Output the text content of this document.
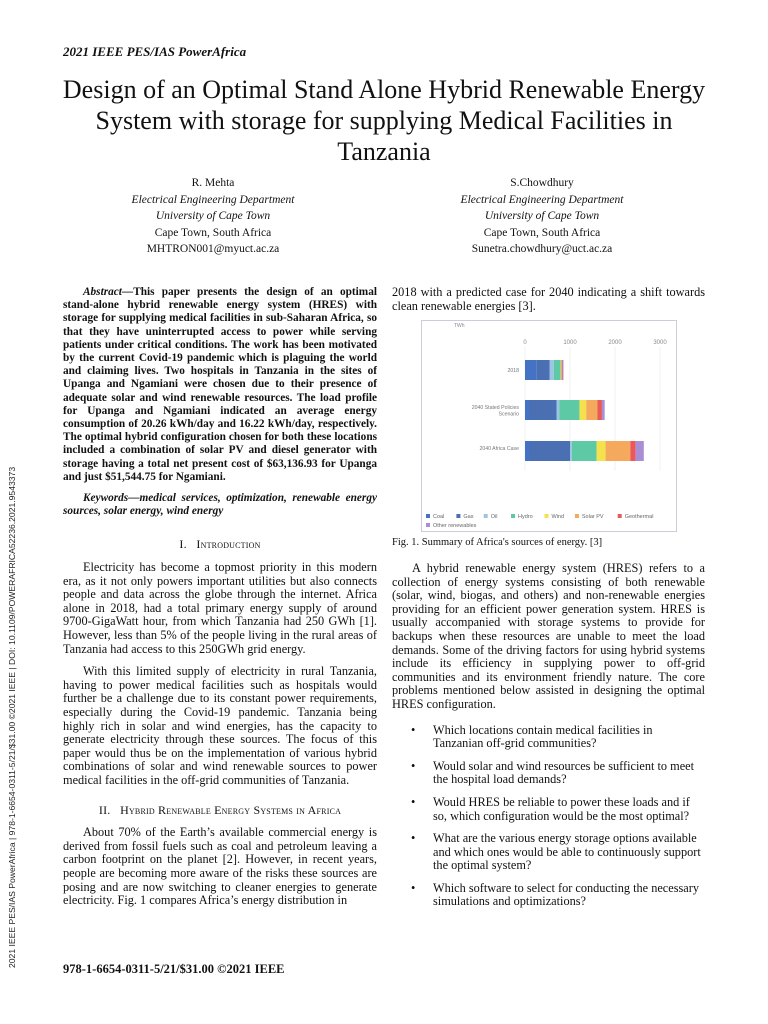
2021 IEEE PES/IAS PowerAfrica | 978-1-6654-0311-5/21/$31.00 ©2021 IEEE | DOI: 10.1109/POWERAFRICA52236.2021.9543373
2021 IEEE PES/IAS PowerAfrica
Design of an Optimal Stand Alone Hybrid Renewable Energy System with storage for supplying Medical Facilities in Tanzania
R. Mehta
Electrical Engineering Department
University of Cape Town
Cape Town, South Africa
MHTRON001@myuct.ac.za
S.Chowdhury
Electrical Engineering Department
University of Cape Town
Cape Town, South Africa
Sunetra.chowdhury@uct.ac.za

Abstract—This paper presents the design of an optimal stand-alone hybrid renewable energy system (HRES) with storage for supplying medical facilities in sub-Saharan Africa, so that they have uninterrupted access to power while serving patients under critical conditions. The work has been motivated by the current Covid-19 pandemic which is plaguing the world and claiming lives. Two hospitals in Tanzania in the sites of Upanga and Ngamiani were chosen due to their presence of adequate solar and wind renewable resources. The load profile for Upanga and Ngamiani indicated an average energy consumption of 20.26 kWh/day and 16.22 kWh/day, respectively. The optimal hybrid configuration chosen for both these locations included a combination of solar PV and diesel generator with storage having a total net present cost of $63,136.93 for Upanga and just $51,544.75 for Ngamiani.

Keywords—medical services, optimization, renewable energy sources, solar energy, wind energy

I. Introduction

Electricity has become a topmost priority in this modern era, as it not only powers important utilities but also connects people and data across the globe through the internet. Africa alone in 2018, had a total primary energy supply of around 9700-GigaWatt hour, from which Tanzania had 250 GWh [1]. However, less than 5% of the people living in the rural areas of Tanzania had access to this 250GWh grid energy.

With this limited supply of electricity in rural Tanzania, having to power medical facilities such as hospitals would further be a challenge due to its constant power requirements, especially during the Covid-19 pandemic. Tanzania being highly rich in solar and wind energies, has the capacity to generate electricity through these sources. The focus of this paper would thus be on the implementation of various hybrid combinations of solar and wind renewable sources to power medical facilities in the off-grid communities of Tanzania.

II. Hybrid Renewable Energy Systems in Africa

About 70% of the Earth’s available commercial energy is derived from fossil fuels such as coal and petroleum leaving a carbon footprint on the planet [2]. However, in recent years, people are becoming more aware of the risks these sources are posing and are now switching to cleaner energies to generate electricity. Fig. 1 compares Africa’s energy distribution in

2018 with a predicted case for 2040 indicating a shift towards clean renewable energies [3].

TWh
0	1000	2000	3000
2018
2040 Stated Policies
Scenario
2040 Africa Case
Coal	Gas	Oil	Hydro	Wind	Solar PV	Geothermal
Other renewables

Fig. 1. Summary of Africa's sources of energy. [3]

A hybrid renewable energy system (HRES) refers to a collection of energy systems consisting of both renewable (solar, wind, biogas, and others) and non-renewable energies providing for an efficient power generation system. HRES is usually accompanied with storage systems to provide for backups when these resources are unable to meet the load demands. Some of the driving factors for using hybrid systems include its efficiency in supplying power to off-grid communities and its environment friendly nature. The core problems mentioned below assisted in designing the optimal HRES configuration.

• Which locations contain medical facilities in Tanzanian off-grid communities?
• Would solar and wind resources be sufficient to meet the hospital load demands?
• Would HRES be reliable to power these loads and if so, which configuration would be the most optimal?
• What are the various energy storage options available and which ones would be able to continuously support the optimal system?
• Which software to select for conducting the necessary simulations and optimizations?
978-1-6654-0311-5/21/$31.00 ©2021 IEEE
